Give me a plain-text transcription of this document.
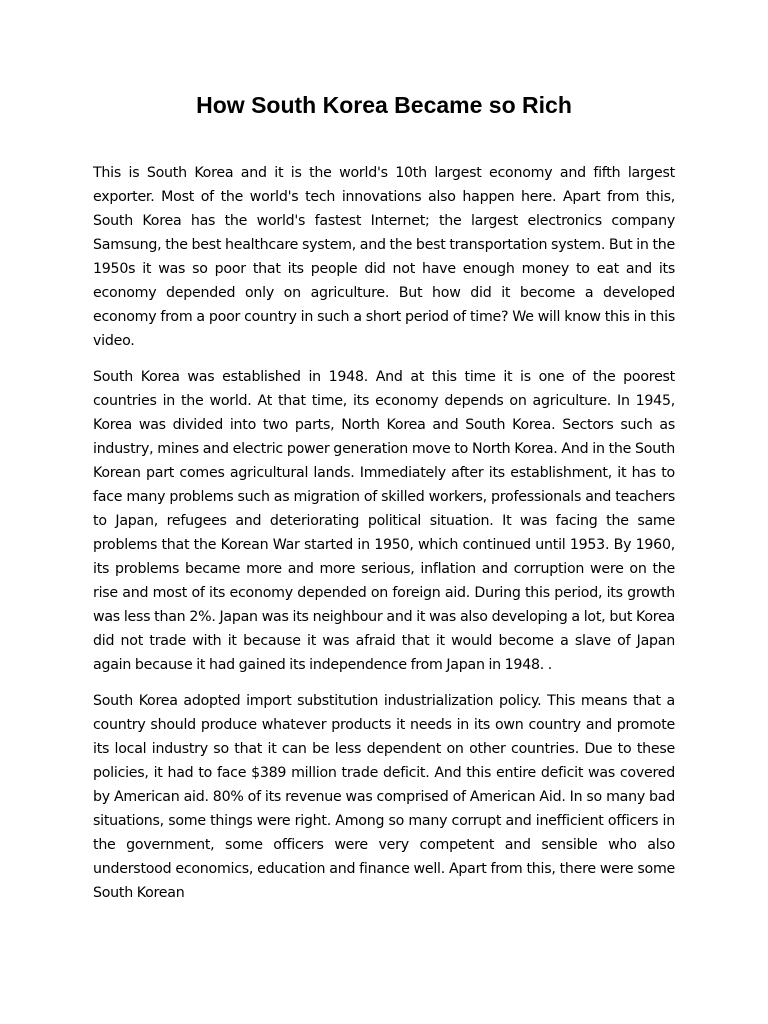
How South Korea Became so Rich

This is South Korea and it is the world's 10th largest economy and fifth largest exporter. Most of the world's tech innovations also happen here. Apart from this, South Korea has the world's fastest Internet; the largest electronics company Samsung, the best healthcare system, and the best transportation system. But in the 1950s it was so poor that its people did not have enough money to eat and its economy depended only on agriculture. But how did it become a developed economy from a poor country in such a short period of time? We will know this in this video.

South Korea was established in 1948. And at this time it is one of the poorest countries in the world. At that time, its economy depends on agriculture. In 1945, Korea was divided into two parts, North Korea and South Korea. Sectors such as industry, mines and electric power generation move to North Korea. And in the South Korean part comes agricultural lands. Immediately after its establishment, it has to face many problems such as migration of skilled workers, professionals and teachers to Japan, refugees and deteriorating political situation. It was facing the same problems that the Korean War started in 1950, which continued until 1953. By 1960, its problems became more and more serious, inflation and corruption were on the rise and most of its economy depended on foreign aid. During this period, its growth was less than 2%. Japan was its neighbour and it was also developing a lot, but Korea did not trade with it because it was afraid that it would become a slave of Japan again because it had gained its independence from Japan in 1948. .

South Korea adopted import substitution industrialization policy. This means that a country should produce whatever products it needs in its own country and promote its local industry so that it can be less dependent on other countries. Due to these policies, it had to face $389 million trade deficit. And this entire deficit was covered by American aid. 80% of its revenue was comprised of American Aid. In so many bad situations, some things were right. Among so many corrupt and inefficient officers in the government, some officers were very competent and sensible who also understood economics, education and finance well. Apart from this, there were some South Korean
